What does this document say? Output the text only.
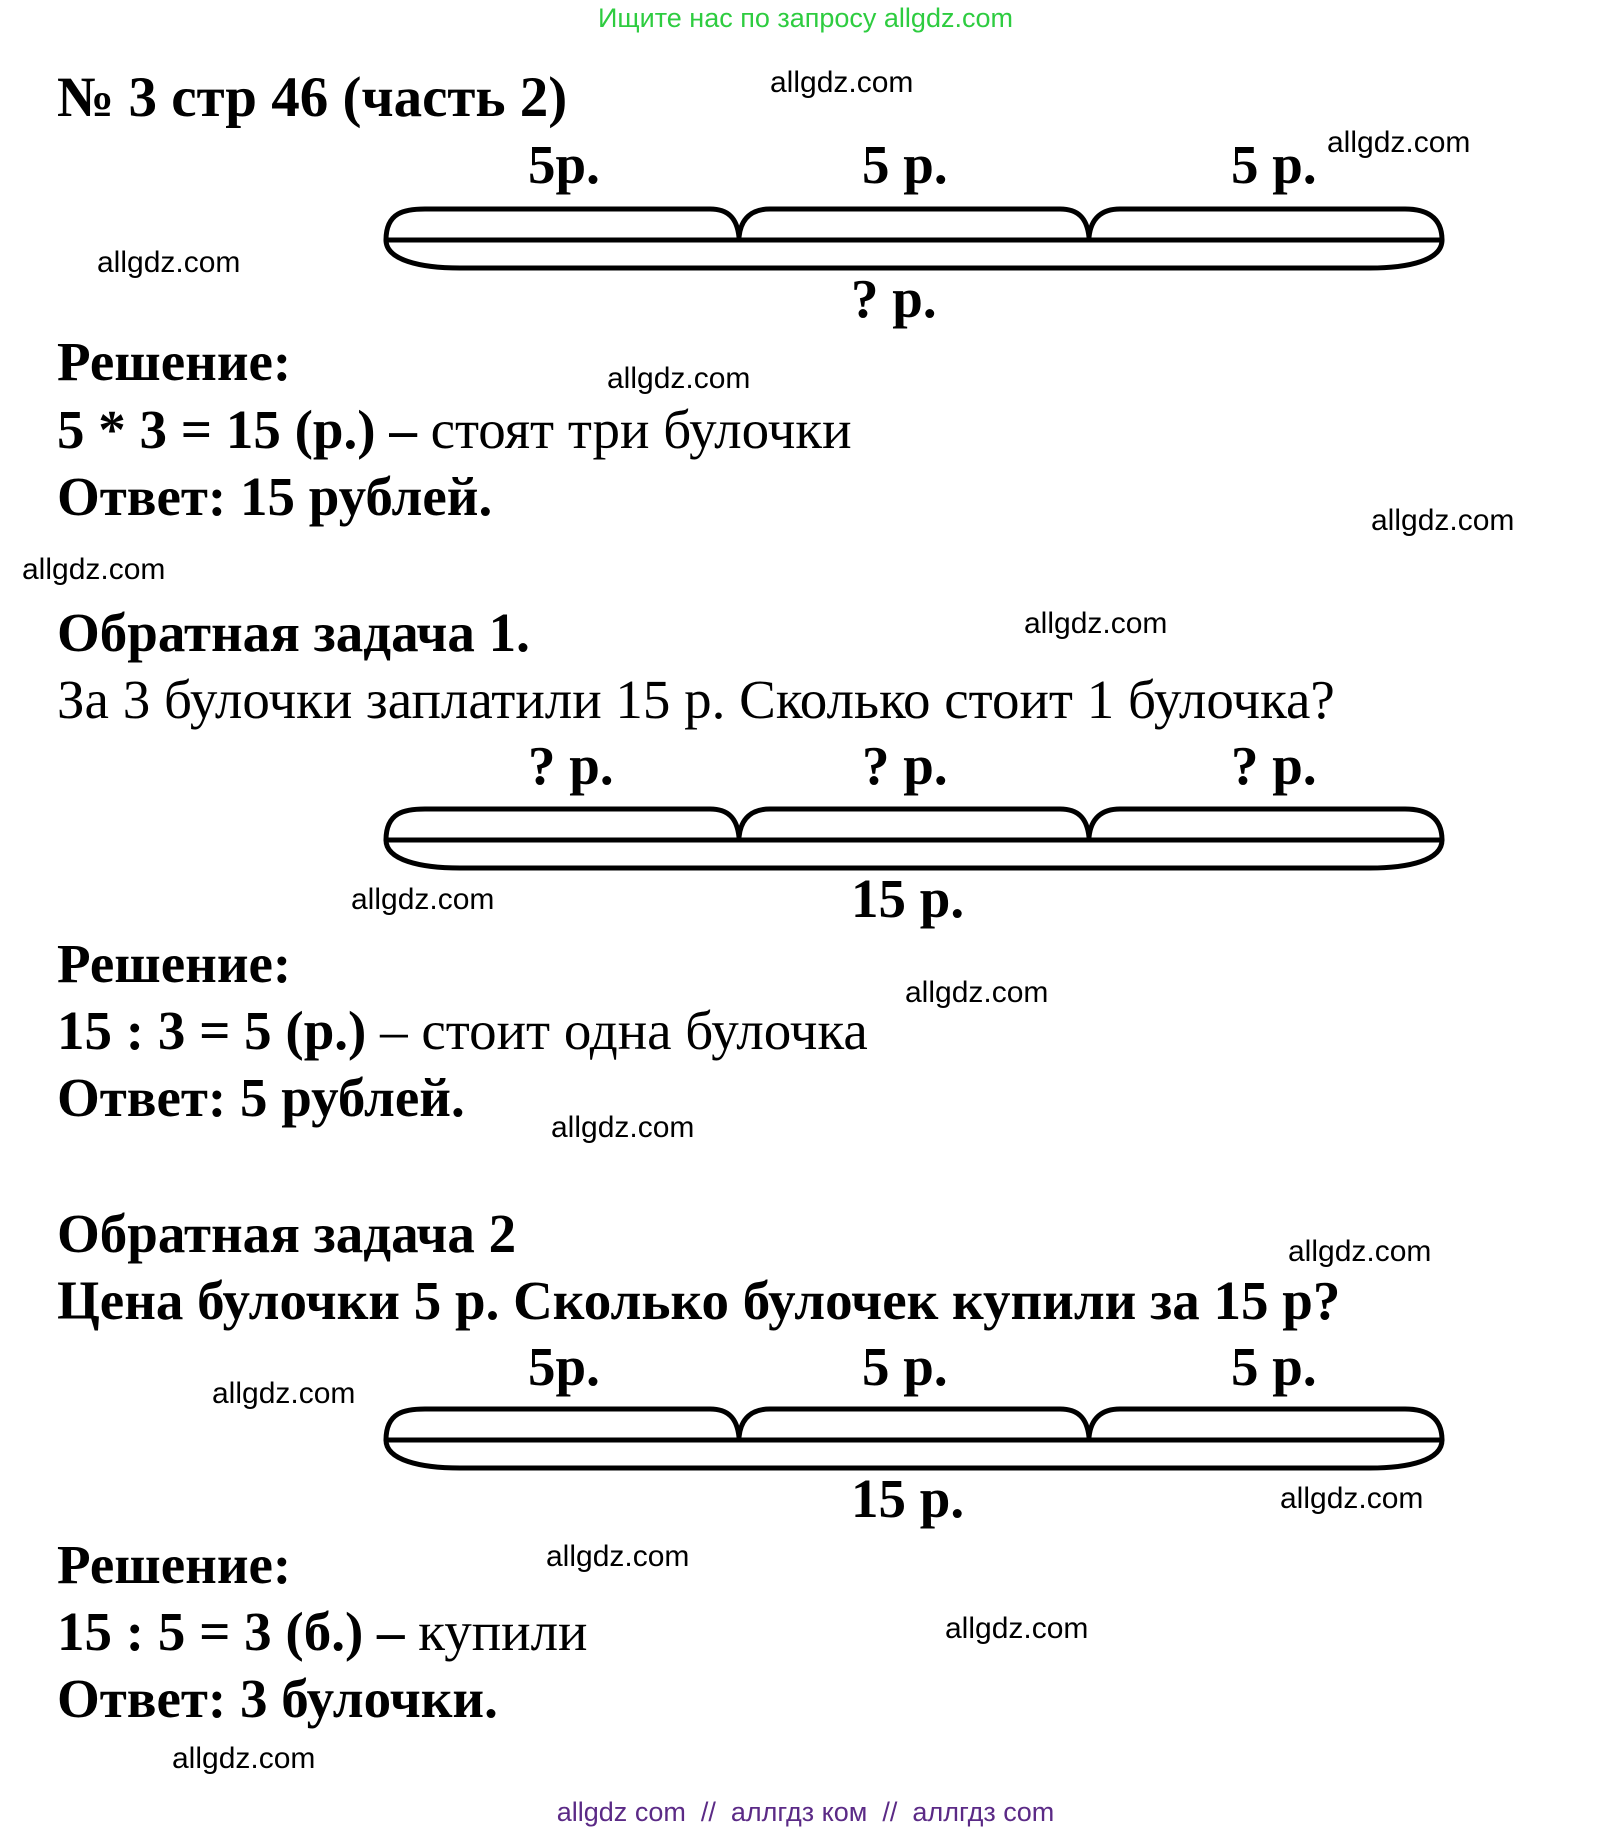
Ищите нас по запросу allgdz.com
№ 3 стр 46 (часть 2)
5р.	5 р.	5 р.
? р.
Решение:
5 * 3 = 15 (р.) – стоят три булочки
Ответ: 15 рублей.
Обратная задача 1.
За 3 булочки заплатили 15 р. Сколько стоит 1 булочка?
? р.	? р.	? р.
15 р.
Решение:
15 : 3 = 5 (р.) – стоит одна булочка
Ответ: 5 рублей.
Обратная задача 2
Цена булочки 5 р. Сколько булочек купили за 15 р?
5р.	5 р.	5 р.
15 р.
Решение:
15 : 5 = 3 (б.) – купили
Ответ: 3 булочки.
allgdz.com
allgdz.com
allgdz.com
allgdz.com
allgdz.com
allgdz.com
allgdz.com
allgdz.com
allgdz.com
allgdz.com
allgdz.com
allgdz.com
allgdz.com
allgdz.com
allgdz.com
allgdz.com
allgdz com // аллгдз ком // аллгдз com
